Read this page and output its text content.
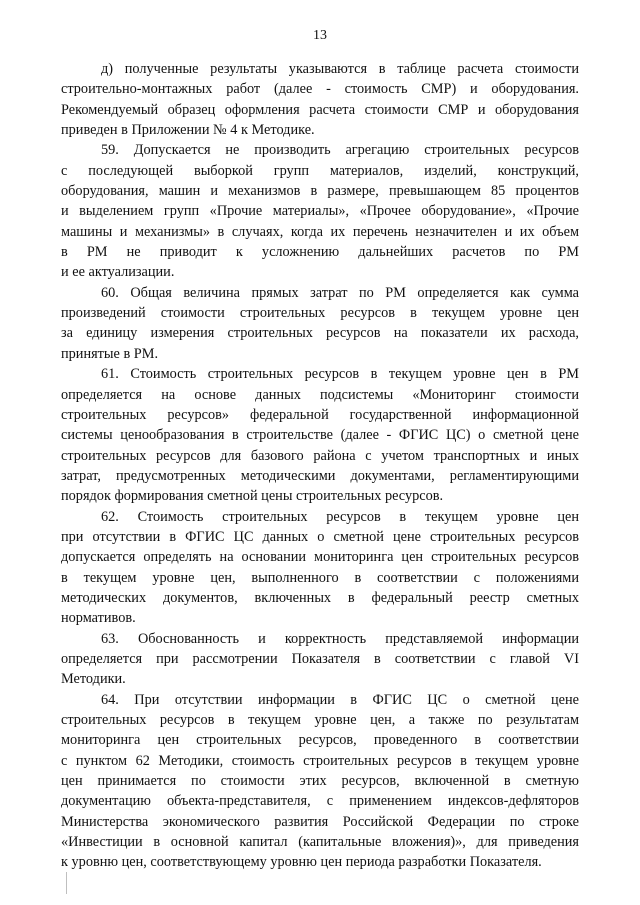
13
д) полученные результаты указываются в таблице расчета стоимости
строительно-монтажных работ (далее - стоимость СМР) и оборудования.
Рекомендуемый образец оформления расчета стоимости СМР и оборудования
приведен в Приложении № 4 к Методике.
59. Допускается не производить агрегацию строительных ресурсов
с последующей выборкой групп материалов, изделий, конструкций,
оборудования, машин и механизмов в размере, превышающем 85 процентов
и выделением групп «Прочие материалы», «Прочее оборудование», «Прочие
машины и механизмы» в случаях, когда их перечень незначителен и их объем
в РМ не приводит к усложнению дальнейших расчетов по РМ
и ее актуализации.
60. Общая величина прямых затрат по РМ определяется как сумма
произведений стоимости строительных ресурсов в текущем уровне цен
за единицу измерения строительных ресурсов на показатели их расхода,
принятые в РМ.
61. Стоимость строительных ресурсов в текущем уровне цен в РМ
определяется на основе данных подсистемы «Мониторинг стоимости
строительных ресурсов» федеральной государственной информационной
системы ценообразования в строительстве (далее - ФГИС ЦС) о сметной цене
строительных ресурсов для базового района с учетом транспортных и иных
затрат, предусмотренных методическими документами, регламентирующими
порядок формирования сметной цены строительных ресурсов.
62. Стоимость строительных ресурсов в текущем уровне цен
при отсутствии в ФГИС ЦС данных о сметной цене строительных ресурсов
допускается определять на основании мониторинга цен строительных ресурсов
в текущем уровне цен, выполненного в соответствии с положениями
методических документов, включенных в федеральный реестр сметных
нормативов.
63. Обоснованность и корректность представляемой информации
определяется при рассмотрении Показателя в соответствии с главой VI
Методики.
64. При отсутствии информации в ФГИС ЦС о сметной цене
строительных ресурсов в текущем уровне цен, а также по результатам
мониторинга цен строительных ресурсов, проведенного в соответствии
с пунктом 62 Методики, стоимость строительных ресурсов в текущем уровне
цен принимается по стоимости этих ресурсов, включенной в сметную
документацию объекта-представителя, с применением индексов-дефляторов
Министерства экономического развития Российской Федерации по строке
«Инвестиции в основной капитал (капитальные вложения)», для приведения
к уровню цен, соответствующему уровню цен периода разработки Показателя.
